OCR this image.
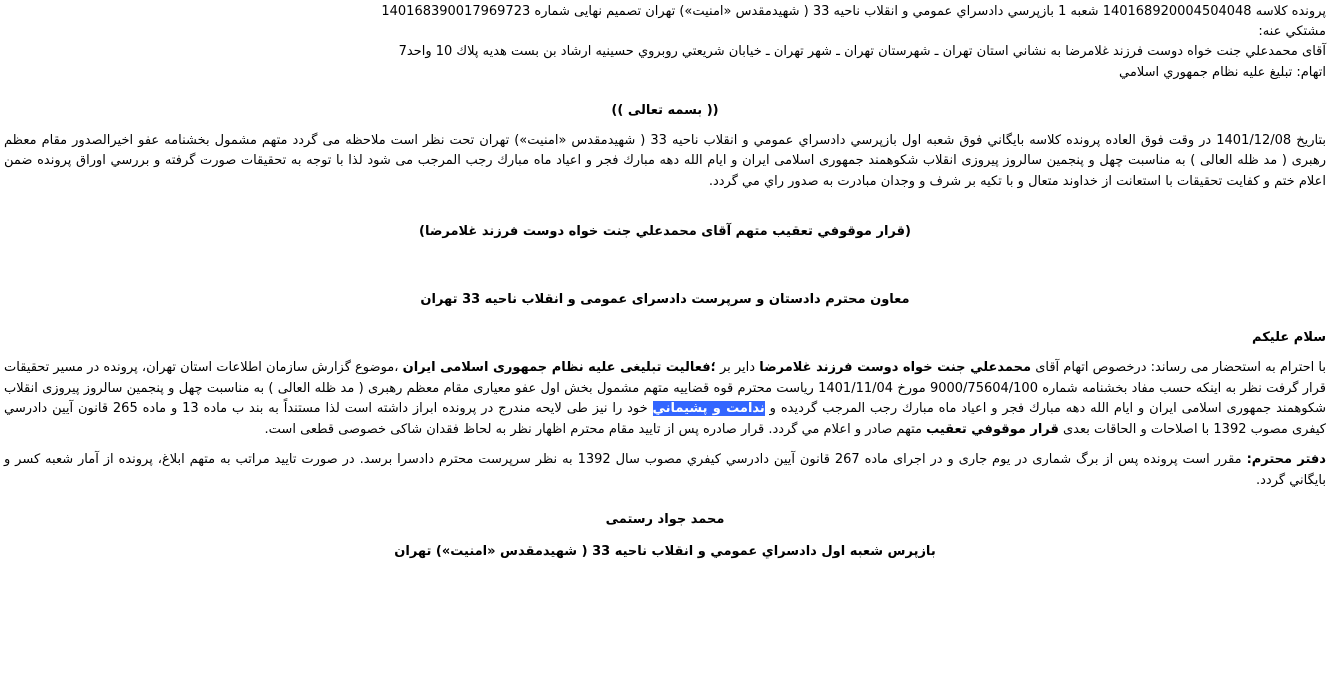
پرونده كلاسه 140168920004504048 شعبه 1 بازپرسي دادسراي عمومي و انقلاب ناحيه 33 ( شهيدمقدس «امنيت») تهران تصميم نهايی شماره 140168390017969723
مشتكي عنه:
آقای محمدعلي جنت خواه دوست فرزند غلامرضا به نشاني استان تهران ـ شهرستان تهران ـ شهر تهران ـ خيابان شريعتي روبروي حسينيه ارشاد بن بست هديه پلاك 10 واحد7
اتهام: تبليغ عليه نظام جمهوري اسلامي
(( بسمه تعالی ))
بتاريخ 1401/12/08 در وقت فوق العاده پرونده كلاسه بايگاني فوق شعبه اول بازپرسي دادسراي عمومي و انقلاب ناحيه 33 ( شهيدمقدس «امنيت») تهران تحت نظر است ملاحظه می گردد متهم مشمول بخشنامه عفو اخيرالصدور مقام معظم رهبری ( مد ظله العالی ) به مناسبت چهل و پنجمين سالروز پيروزی انقلاب شكوهمند جمهوری اسلامی ايران و ايام الله دهه مبارك فجر و اعياد ماه مبارك رجب المرجب می شود لذا با توجه به تحقيقات صورت گرفته و بررسي اوراق پرونده ضمن اعلام ختم و كفايت تحقيقات با استعانت از خداوند متعال و با تكيه بر شرف و وجدان مبادرت به صدور راي مي گردد.
(قرار موقوفي تعقيب متهم آقای محمدعلي جنت خواه دوست فرزند غلامرضا)
معاون محترم دادستان و سرپرست دادسرای عمومی و انقلاب ناحيه 33 تهران
سلام عليكم
با احترام به استحضار می رساند: درخصوص اتهام آقای محمدعلي جنت خواه دوست فرزند غلامرضا داير بر ؛فعاليت تبليغی عليه نظام جمهوری اسلامی ايران ،موضوع گزارش سازمان اطلاعات استان تهران، پرونده در مسير تحقيقات قرار گرفت نظر به اينكه حسب مفاد بخشنامه شماره 9000/75604/100 مورخ 1401/11/04 رياست محترم قوه قضاييه متهم مشمول بخش اول عفو معياری مقام معظم رهبری ( مد ظله العالی ) به مناسبت چهل و پنجمين سالروز پيروزی انقلاب شكوهمند جمهوری اسلامی ايران و ايام الله دهه مبارك فجر و اعياد ماه مبارك رجب المرجب گرديده و ندامت و پشيماني خود را نيز طی لايحه مندرج در پرونده ابراز داشته است لذا مستنداً به بند ب ماده 13 و ماده 265 قانون آيين دادرسي كيفری مصوب 1392 با اصلاحات و الحاقات بعدی قرار موقوفي تعقيب متهم صادر و اعلام مي گردد. قرار صادره پس از تاييد مقام محترم اظهار نظر به لحاظ فقدان شاكی خصوصی قطعی است.
دفتر محترم: مقرر است پرونده پس از برگ شماری در يوم جاری و در اجرای ماده 267 قانون آيين دادرسي كيفري مصوب سال 1392 به نظر سرپرست محترم دادسرا برسد. در صورت تاييد مراتب به متهم ابلاغ، پرونده از آمار شعبه كسر و بايگاني گردد.
محمد جواد رستمی
بازپرس شعبه اول دادسراي عمومي و انقلاب ناحيه 33 ( شهيدمقدس «امنيت») تهران
